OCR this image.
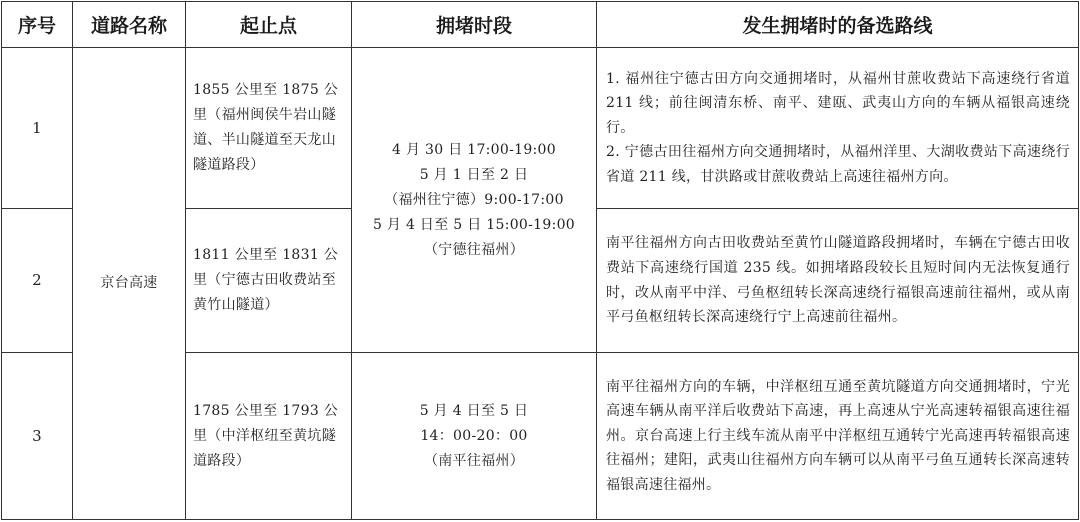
序号	道路名称	起止点	拥堵时段	发生拥堵时的备选路线
1	京台高速	1855 公里至 1875 公里（福州闽侯牛岩山隧道、半山隧道至天龙山隧道路段）	4 月 30 日 17:00-19:00
5 月 1 日至 2 日
（福州往宁德）9:00-17:00
5 月 4 日至 5 日 15:00-19:00
（宁德往福州）	1. 福州往宁德古田方向交通拥堵时，从福州甘蔗收费站下高速绕行省道 211 线；前往闽清东桥、南平、建瓯、武夷山方向的车辆从福银高速绕行。
2. 宁德古田往福州方向交通拥堵时，从福州洋里、大湖收费站下高速绕行省道 211 线，甘洪路或甘蔗收费站上高速往福州方向。

2		1811 公里至 1831 公里（宁德古田收费站至黄竹山隧道）		南平往福州方向古田收费站至黄竹山隧道路段拥堵时，车辆在宁德古田收费站下高速绕行国道 235 线。如拥堵路段较长且短时间内无法恢复通行时，改从南平中洋、弓鱼枢纽转长深高速绕行福银高速前往福州，或从南平弓鱼枢纽转长深高速绕行宁上高速前往福州。
3		1785 公里至 1793 公里（中洋枢纽至黄坑隧道路段）	5 月 4 日至 5 日
14：00-20：00
（南平往福州）	南平往福州方向的车辆，中洋枢纽互通至黄坑隧道方向交通拥堵时，宁光高速车辆从南平洋后收费站下高速，再上高速从宁光高速转福银高速往福州。京台高速上行主线车流从南平中洋枢纽互通转宁光高速再转福银高速往福州；建阳，武夷山往福州方向车辆可以从南平弓鱼互通转长深高速转福银高速往福州。
